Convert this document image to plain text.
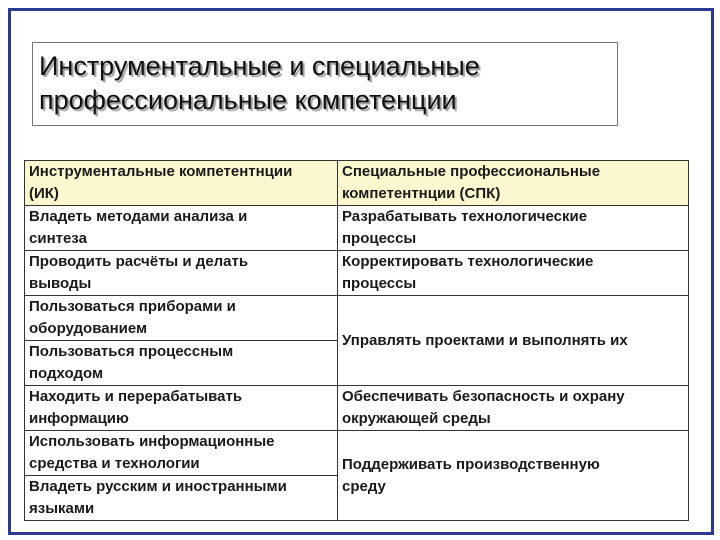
Инструментальные и специальные
профессиональные компетенции
Инструментальные компетентнции
(ИК)	Специальные профессиональные
компетентнции (СПК)

Владеть методами анализа и
синтеза	Разрабатывать технологические
процессы

Проводить расчёты и делать
выводы	Корректировать технологические
процессы

Пользоваться приборами и
оборудованием	Управлять проектами и выполнять их

Пользоваться процессным
подходом	

Находить и перерабатывать
информацию	Обеспечивать безопасность и охрану
окружающей среды

Использовать информационные
средства и технологии	Поддерживать производственную
среду

Владеть русским и иностранными
языками	
